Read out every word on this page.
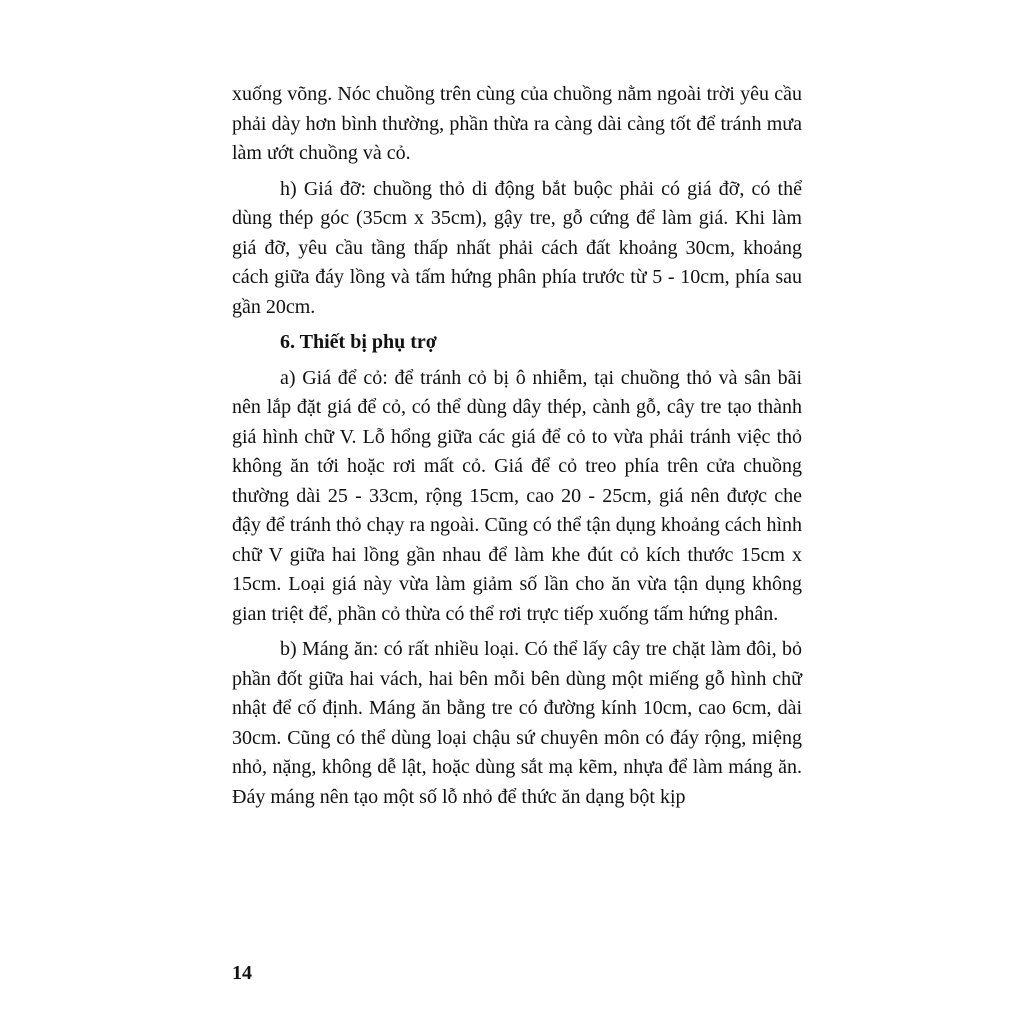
xuống võng. Nóc chuồng trên cùng của chuồng nằm ngoài trời yêu cầu phải dày hơn bình thường, phần thừa ra càng dài càng tốt để tránh mưa làm ướt chuồng và cỏ.

h) Giá đỡ: chuồng thỏ di động bắt buộc phải có giá đỡ, có thể dùng thép góc (35cm x 35cm), gậy tre, gỗ cứng để làm giá. Khi làm giá đỡ, yêu cầu tầng thấp nhất phải cách đất khoảng 30cm, khoảng cách giữa đáy lồng và tấm hứng phân phía trước từ 5 - 10cm, phía sau gần 20cm.

6. Thiết bị phụ trợ

a) Giá để cỏ: để tránh cỏ bị ô nhiễm, tại chuồng thỏ và sân bãi nên lắp đặt giá để cỏ, có thể dùng dây thép, cành gỗ, cây tre tạo thành giá hình chữ V. Lỗ hổng giữa các giá để cỏ to vừa phải tránh việc thỏ không ăn tới hoặc rơi mất cỏ. Giá để cỏ treo phía trên cửa chuồng thường dài 25 - 33cm, rộng 15cm, cao 20 - 25cm, giá nên được che đậy để tránh thỏ chạy ra ngoài. Cũng có thể tận dụng khoảng cách hình chữ V giữa hai lồng gần nhau để làm khe đút cỏ kích thước 15cm x 15cm. Loại giá này vừa làm giảm số lần cho ăn vừa tận dụng không gian triệt để, phần cỏ thừa có thể rơi trực tiếp xuống tấm hứng phân.

b) Máng ăn: có rất nhiều loại. Có thể lấy cây tre chặt làm đôi, bỏ phần đốt giữa hai vách, hai bên mỗi bên dùng một miếng gỗ hình chữ nhật để cố định. Máng ăn bằng tre có đường kính 10cm, cao 6cm, dài 30cm. Cũng có thể dùng loại chậu sứ chuyên môn có đáy rộng, miệng nhỏ, nặng, không dễ lật, hoặc dùng sắt mạ kẽm, nhựa để làm máng ăn. Đáy máng nên tạo một số lỗ nhỏ để thức ăn dạng bột kịp

14
